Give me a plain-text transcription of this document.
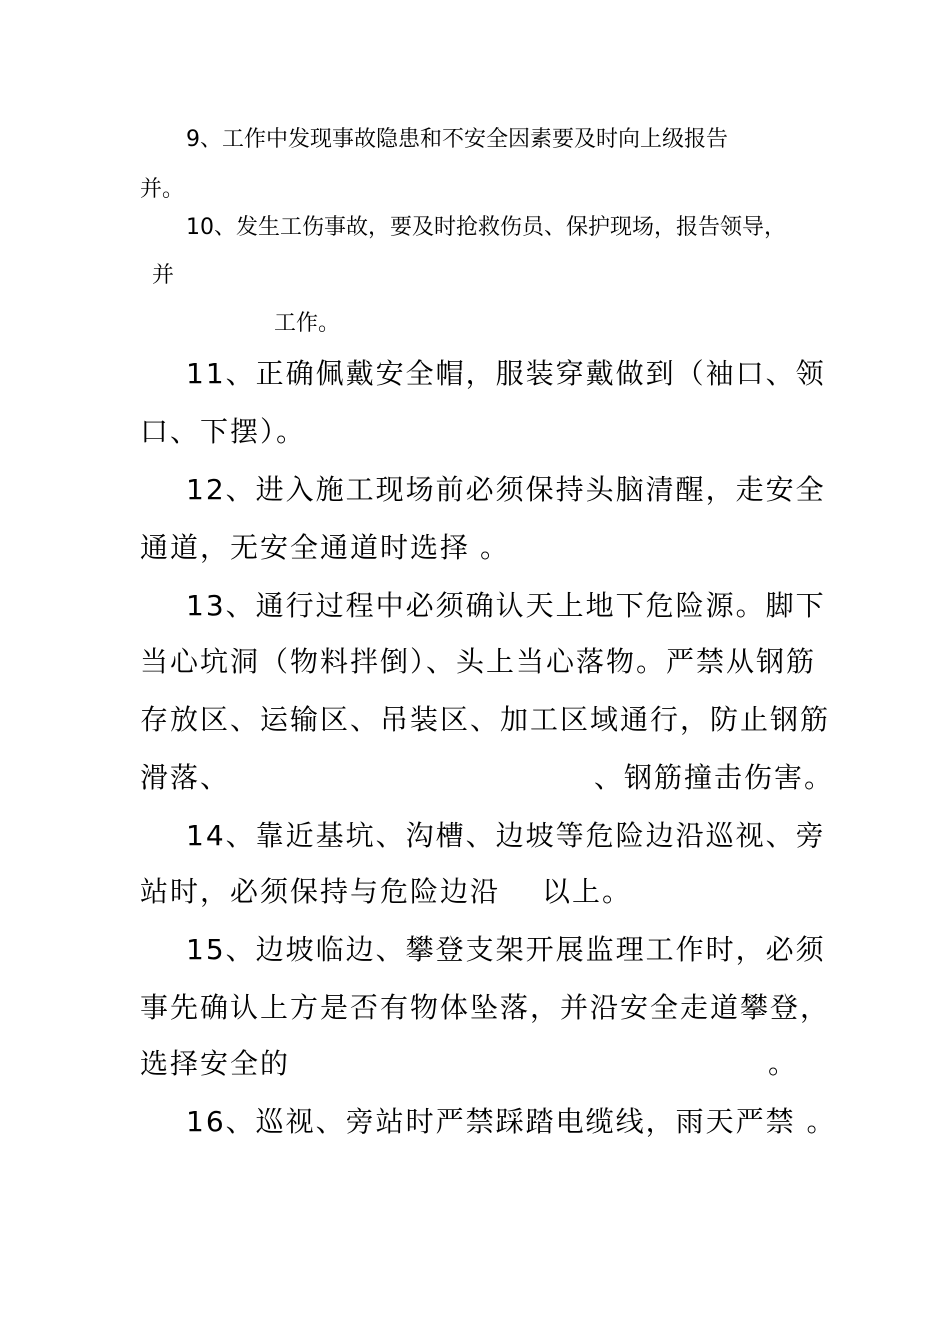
9、工作中发现事故隐患和不安全因素要及时向上级报告

并。

10、发生工伤事故，要及时抢救伤员、保护现场，报告领导，

并

工作。

11、正确佩戴安全帽，服装穿戴做到（袖口、领

口、下摆）。

12、进入施工现场前必须保持头脑清醒，走安全

通道，无安全通道时选择 。

13、通行过程中必须确认天上地下危险源。脚下

当心坑洞（物料拌倒）、头上当心落物。严禁从钢筋

存放区、运输区、吊装区、加工区域通行，防止钢筋

滑落、	、钢筋撞击伤害。

14、靠近基坑、沟槽、边坡等危险边沿巡视、旁

站时，必须保持与危险边沿 以上。

15、边坡临边、攀登支架开展监理工作时，必须

事先确认上方是否有物体坠落，并沿安全走道攀登，

选择安全的	。

16、巡视、旁站时严禁踩踏电缆线，雨天严禁 。
